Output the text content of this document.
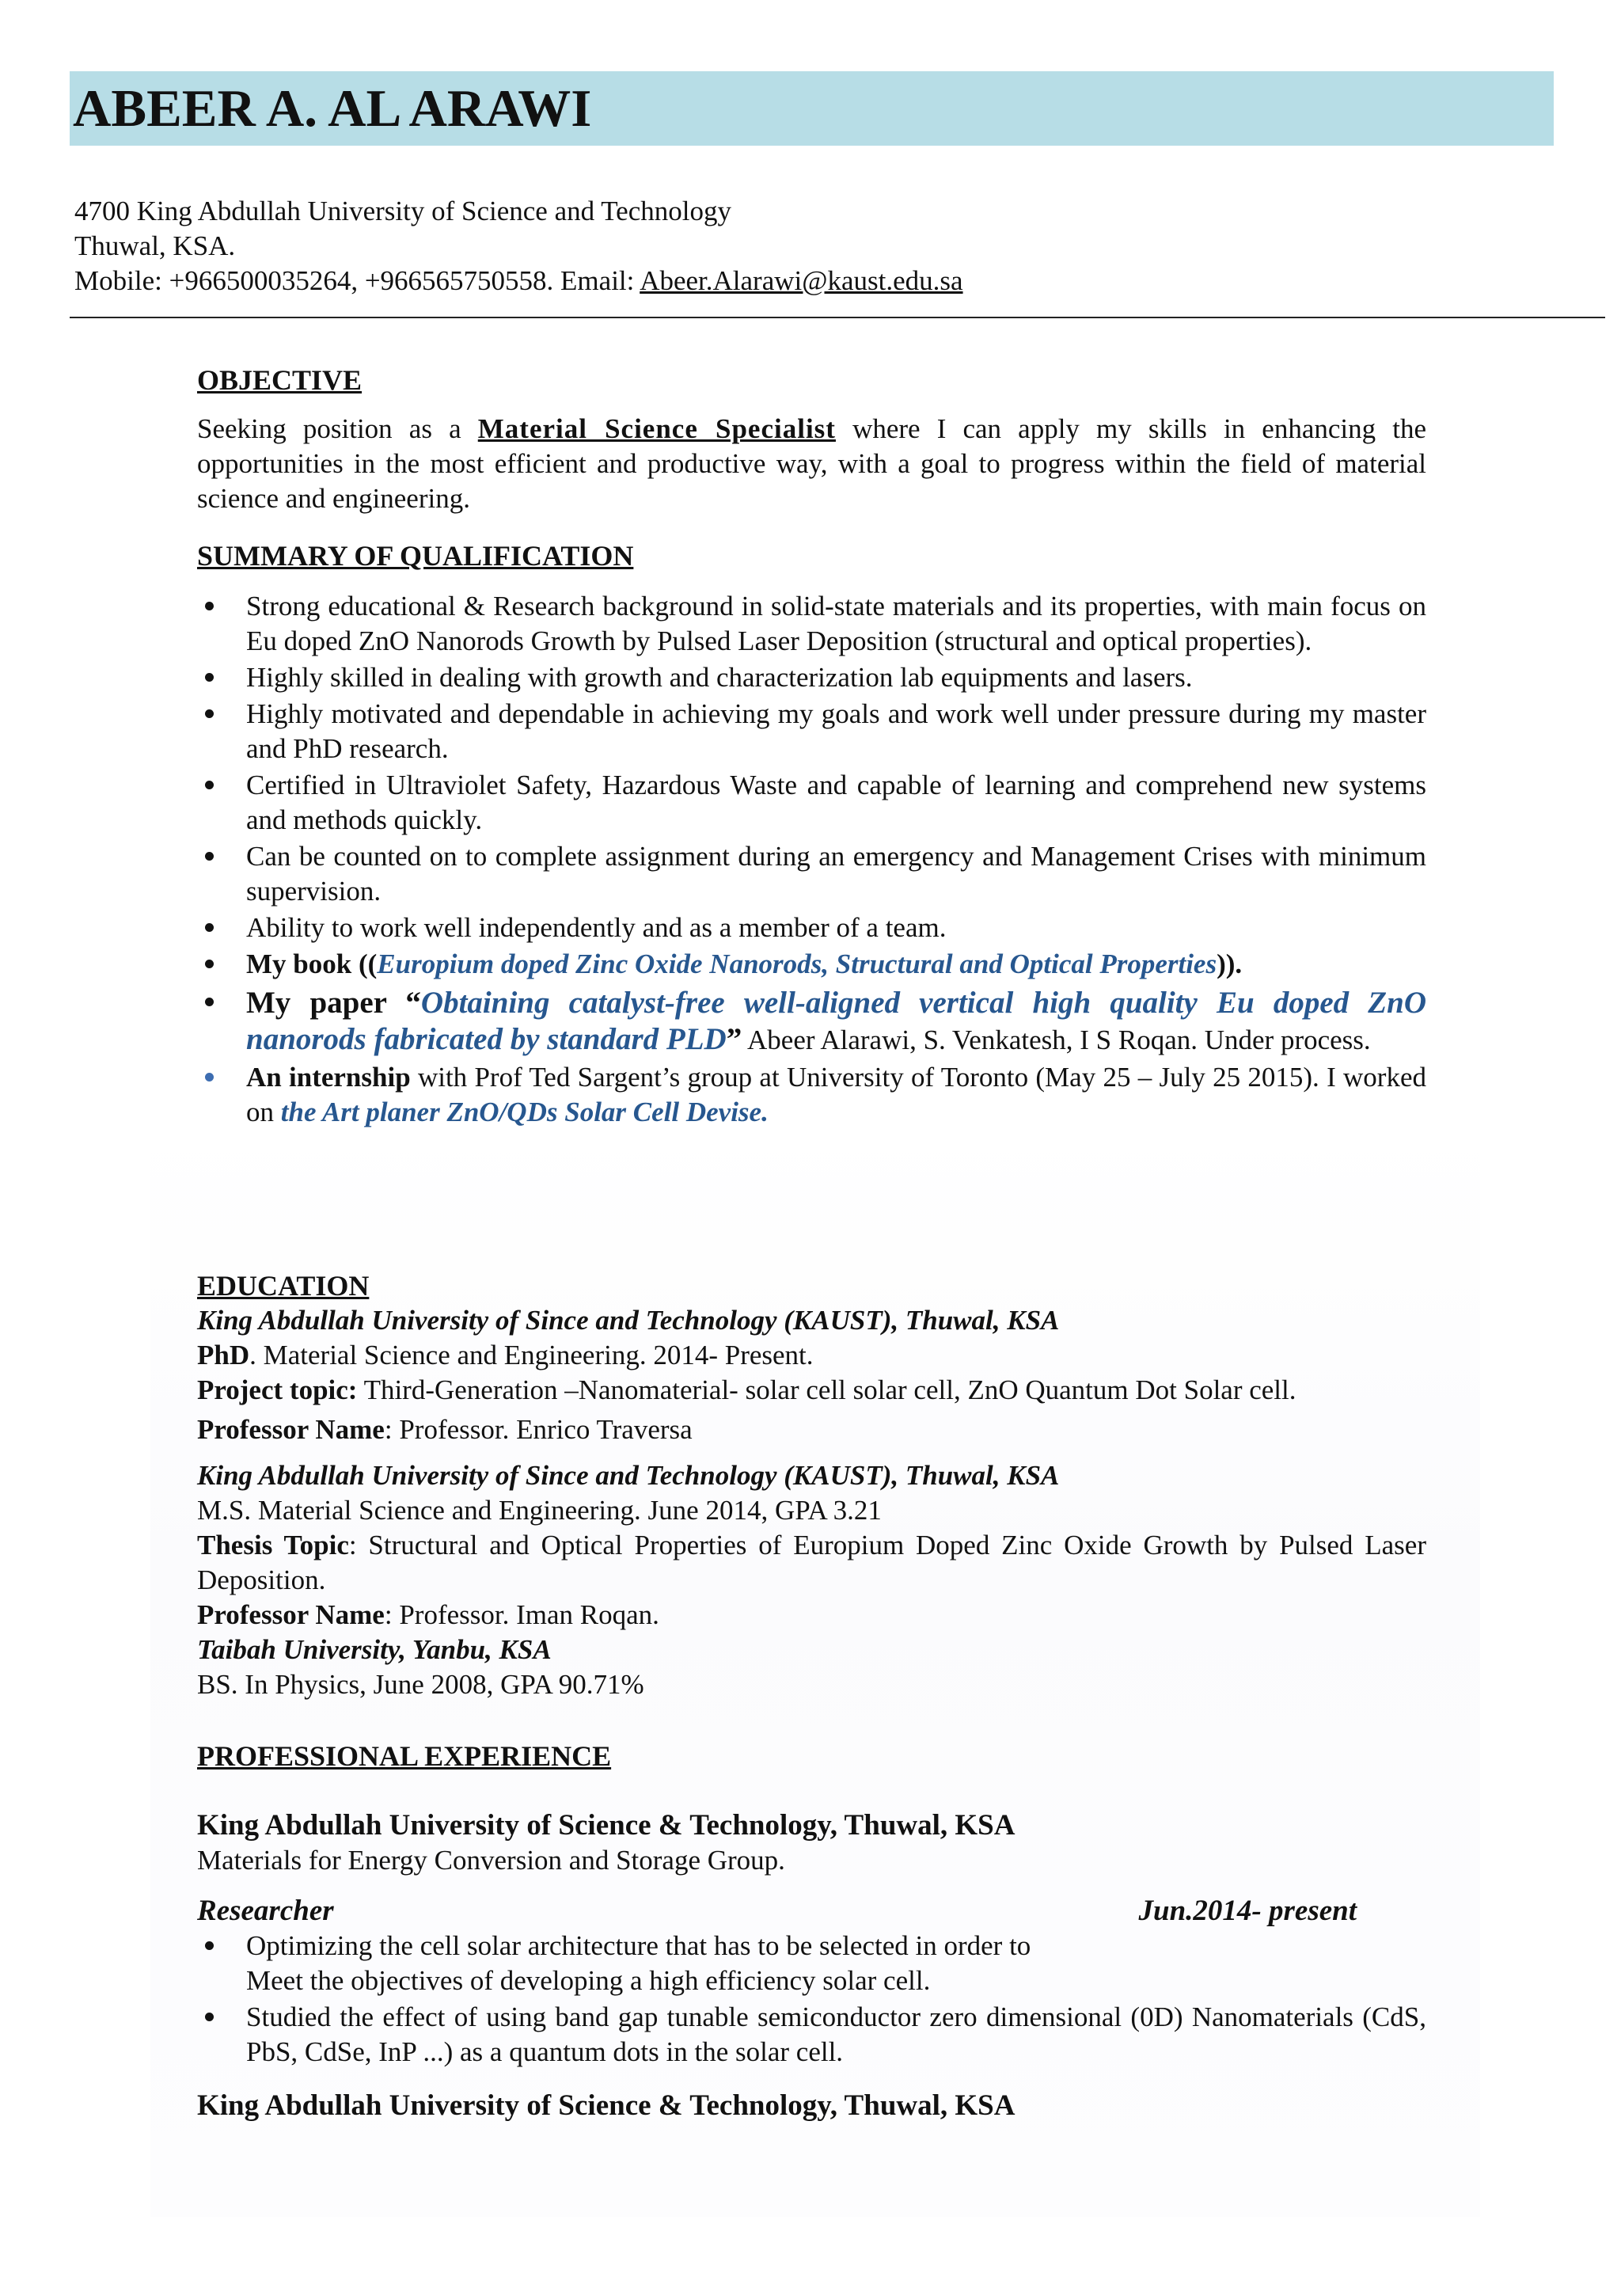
ABEER A. AL ARAWI
4700 King Abdullah University of Science and Technology
Thuwal, KSA.
Mobile: +966500035264, +966565750558. Email: Abeer.Alarawi@kaust.edu.sa
OBJECTIVE
Seeking position as a Material Science Specialist where I can apply my skills in enhancing the opportunities in the most efficient and productive way, with a goal to progress within the field of material science and engineering.
SUMMARY OF QUALIFICATION
Strong educational & Research background in solid-state materials and its properties, with main focus on Eu doped ZnO Nanorods Growth by Pulsed Laser Deposition (structural and optical properties).
Highly skilled in dealing with growth and characterization lab equipments and lasers.
Highly motivated and dependable in achieving my goals and work well under pressure during my master and PhD research.
Certified in Ultraviolet Safety, Hazardous Waste and capable of learning and comprehend new systems and methods quickly.
Can be counted on to complete assignment during an emergency and Management Crises with minimum supervision.
Ability to work well independently and as a member of a team.
My book ((Europium doped Zinc Oxide Nanorods, Structural and Optical Properties)).
My paper “Obtaining catalyst-free well-aligned vertical high quality Eu doped ZnO nanorods fabricated by standard PLD” Abeer Alarawi, S. Venkatesh, I S Roqan. Under process.
An internship with Prof Ted Sargent’s group at University of Toronto (May 25 – July 25 2015). I worked on the Art planer ZnO/QDs Solar Cell Devise.
EDUCATION
King Abdullah University of Since and Technology (KAUST), Thuwal, KSA
PhD. Material Science and Engineering. 2014- Present.
Project topic: Third-Generation –Nanomaterial- solar cell solar cell, ZnO Quantum Dot Solar cell.
Professor Name: Professor. Enrico Traversa
King Abdullah University of Since and Technology (KAUST), Thuwal, KSA
M.S. Material Science and Engineering. June 2014, GPA 3.21
Thesis Topic: Structural and Optical Properties of Europium Doped Zinc Oxide Growth by Pulsed Laser Deposition.
Professor Name: Professor. Iman Roqan.
Taibah University, Yanbu, KSA
BS. In Physics, June 2008, GPA 90.71%
PROFESSIONAL EXPERIENCE
King Abdullah University of Science & Technology, Thuwal, KSA
Materials for Energy Conversion and Storage Group.
Researcher	Jun.2014- present
Optimizing the cell solar architecture that has to be selected in order to Meet the objectives of developing a high efficiency solar cell.
Studied the effect of using band gap tunable semiconductor zero dimensional (0D) Nanomaterials (CdS, PbS, CdSe, InP ...) as a quantum dots in the solar cell.
King Abdullah University of Science & Technology, Thuwal, KSA
